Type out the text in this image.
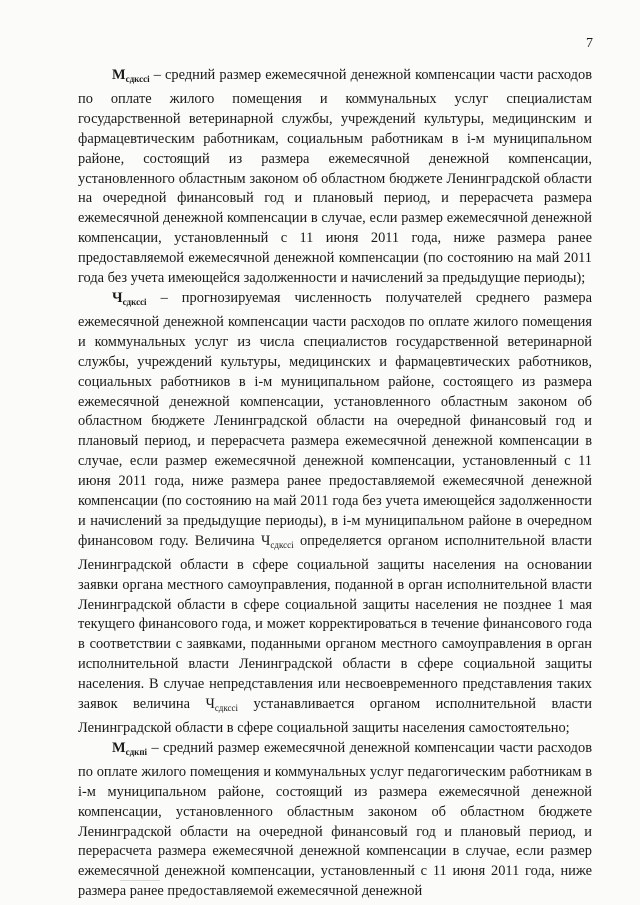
7

$М_{сдкссi}$ – средний размер ежемесячной денежной компенсации части расходов по оплате жилого помещения и коммунальных услуг специалистам государственной ветеринарной службы, учреждений культуры, медицинским и фармацевтическим работникам, социальным работникам в i-м муниципальном районе, состоящий из размера ежемесячной денежной компенсации, установленного областным законом об областном бюджете Ленинградской области на очередной финансовый год и плановый период, и перерасчета размера ежемесячной денежной компенсации в случае, если размер ежемесячной денежной компенсации, установленный с 11 июня 2011 года, ниже размера ранее предоставляемой ежемесячной денежной компенсации (по состоянию на май 2011 года без учета имеющейся задолженности и начислений за предыдущие периоды);

$Ч_{сдкссi}$ – прогнозируемая численность получателей среднего размера ежемесячной денежной компенсации части расходов по оплате жилого помещения и коммунальных услуг из числа специалистов государственной ветеринарной службы, учреждений культуры, медицинских и фармацевтических работников, социальных работников в i-м муниципальном районе, состоящего из размера ежемесячной денежной компенсации, установленного областным законом об областном бюджете Ленинградской области на очередной финансовый год и плановый период, и перерасчета размера ежемесячной денежной компенсации в случае, если размер ежемесячной денежной компенсации, установленный с 11 июня 2011 года, ниже размера ранее предоставляемой ежемесячной денежной компенсации (по состоянию на май 2011 года без учета имеющейся задолженности и начислений за предыдущие периоды), в i-м муниципальном районе в очередном финансовом году. Величина $Ч_{сдкссi}$ определяется органом исполнительной власти Ленинградской области в сфере социальной защиты населения на основании заявки органа местного самоуправления, поданной в орган исполнительной власти Ленинградской области в сфере социальной защиты населения не позднее 1 мая текущего финансового года, и может корректироваться в течение финансового года в соответствии с заявками, поданными органом местного самоуправления в орган исполнительной власти Ленинградской области в сфере социальной защиты населения. В случае непредставления или несвоевременного представления таких заявок величина $Ч_{сдкссi}$ устанавливается органом исполнительной власти Ленинградской области в сфере социальной защиты населения самостоятельно;

$М_{сдкпi}$ – средний размер ежемесячной денежной компенсации части расходов по оплате жилого помещения и коммунальных услуг педагогическим работникам в i-м муниципальном районе, состоящий из размера ежемесячной денежной компенсации, установленного областным законом об областном бюджете Ленинградской области на очередной финансовый год и плановый период, и перерасчета размера ежемесячной денежной компенсации в случае, если размер ежемесячной денежной компенсации, установленный с 11 июня 2011 года, ниже размера ранее предоставляемой ежемесячной денежной
